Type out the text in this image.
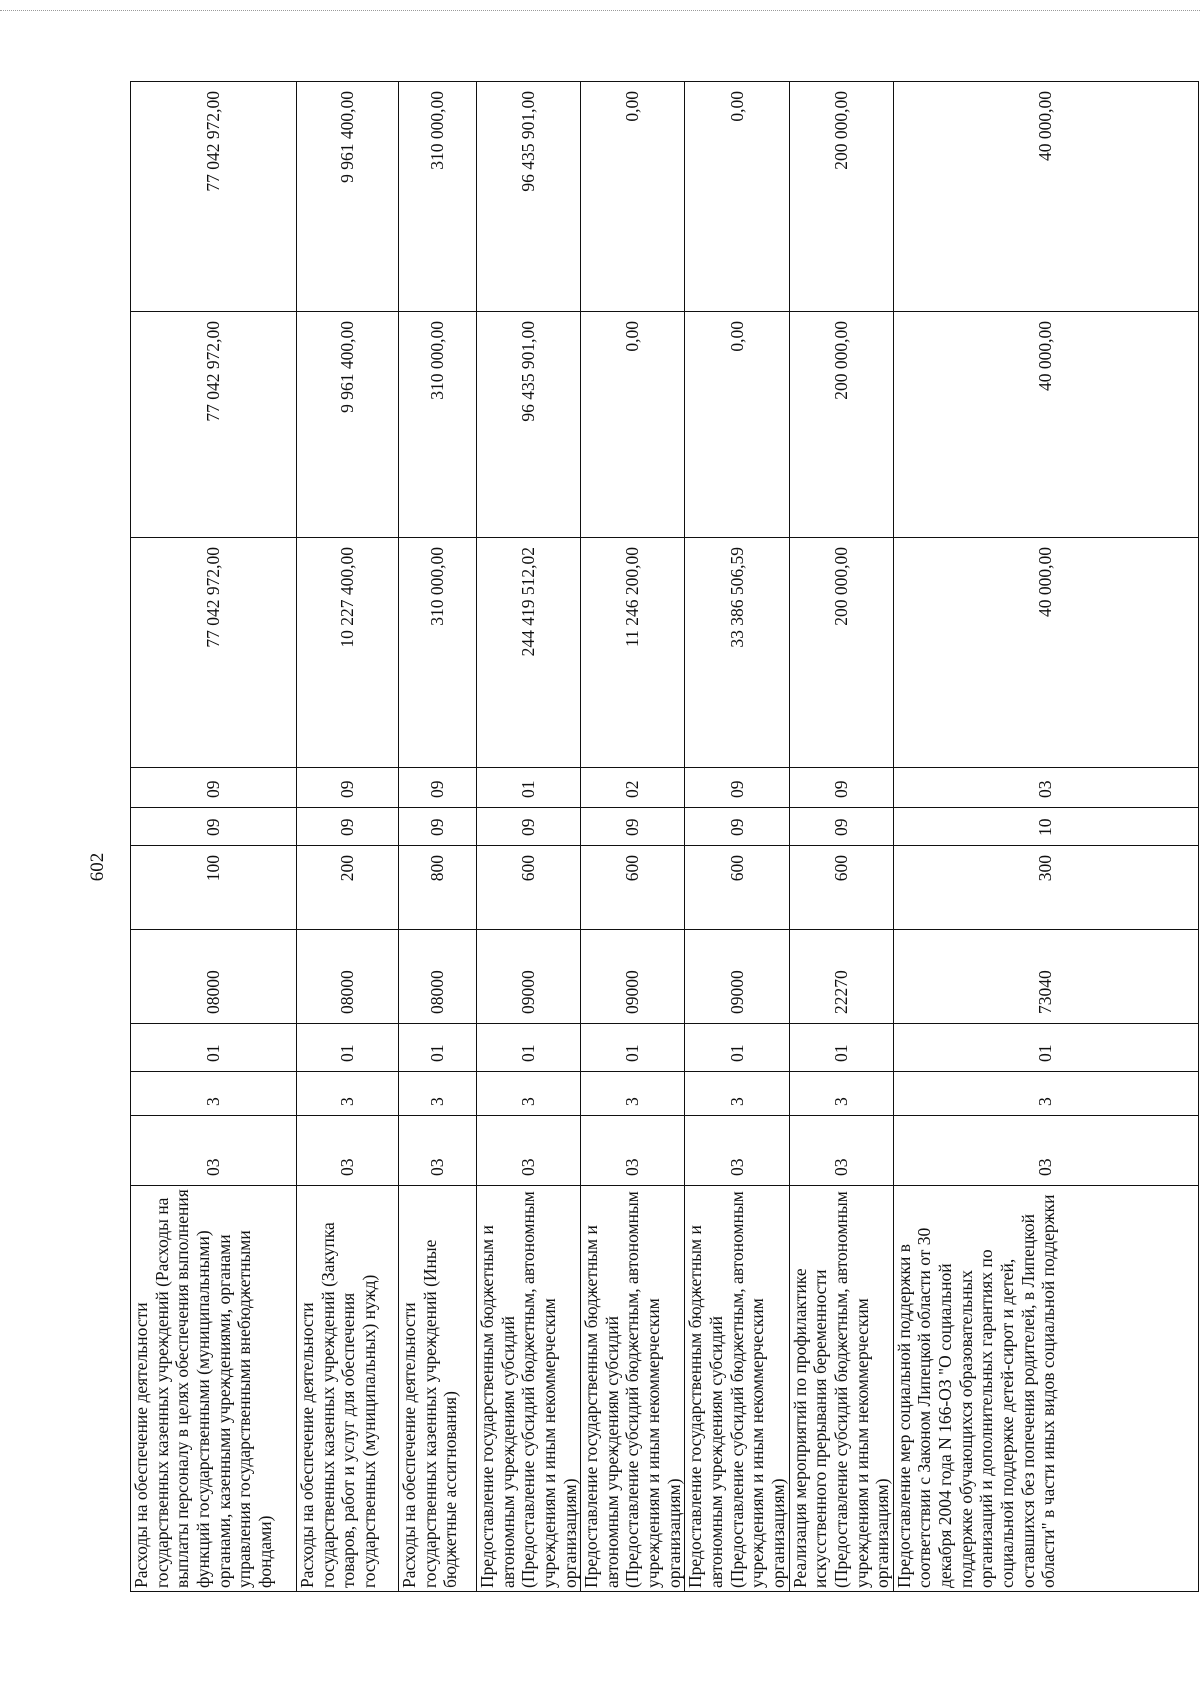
602
Расходы на обеспечение деятельности государственных казенных учреждений (Расходы на выплаты персоналу в целях обеспечения выполнения функций государственными (муниципальными) органами, казенными учреждениями, органами управления государственными внебюджетными фондами)	03	3	01	08000	100	09	09	77 042 972,00	77 042 972,00	77 042 972,00
Расходы на обеспечение деятельности государственных казенных учреждений (Закупка товаров, работ и услуг для обеспечения государственных (муниципальных) нужд)	03	3	01	08000	200	09	09	10 227 400,00	9 961 400,00	9 961 400,00
Расходы на обеспечение деятельности государственных казенных учреждений (Иные бюджетные ассигнования)	03	3	01	08000	800	09	09	310 000,00	310 000,00	310 000,00
Предоставление государственным бюджетным и автономным учреждениям субсидий (Предоставление субсидий бюджетным, автономным учреждениям и иным некоммерческим организациям)	03	3	01	09000	600	09	01	244 419 512,02	96 435 901,00	96 435 901,00
Предоставление государственным бюджетным и автономным учреждениям субсидий (Предоставление субсидий бюджетным, автономным учреждениям и иным некоммерческим организациям)	03	3	01	09000	600	09	02	11 246 200,00	0,00	0,00
Предоставление государственным бюджетным и автономным учреждениям субсидий (Предоставление субсидий бюджетным, автономным учреждениям и иным некоммерческим организациям)	03	3	01	09000	600	09	09	33 386 506,59	0,00	0,00
Реализация мероприятий по профилактике искусственного прерывания беременности (Предоставление субсидий бюджетным, автономным учреждениям и иным некоммерческим организациям)	03	3	01	22270	600	09	09	200 000,00	200 000,00	200 000,00
Предоставление мер социальной поддержки в соответствии с Законом Липецкой области от 30 декабря 2004 года N 166-ОЗ "О социальной поддержке обучающихся образовательных организаций и дополнительных гарантиях по социальной поддержке детей-сирот и детей, оставшихся без попечения родителей, в Липецкой области" в части иных видов социальной поддержки	03	3	01	73040	300	10	03	40 000,00	40 000,00	40 000,00
